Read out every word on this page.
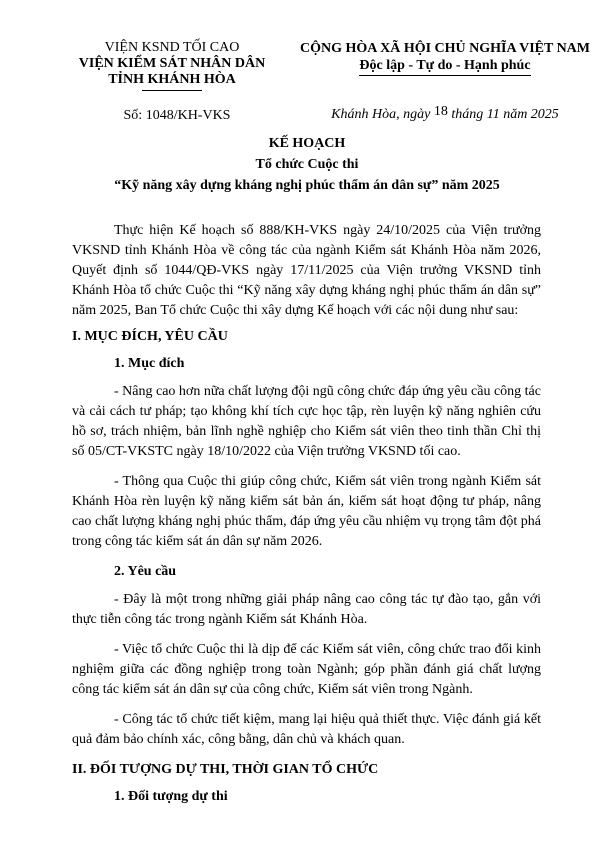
VIỆN KSND TỐI CAO
VIỆN KIỂM SÁT NHÂN DÂN
TỈNH KHÁNH HÒA
CỘNG HÒA XÃ HỘI CHỦ NGHĨA VIỆT NAM
Độc lập - Tự do - Hạnh phúc
Số: 1048/KH-VKS	Khánh Hòa, ngày 18 tháng 11 năm 2025
KẾ HOẠCH
Tổ chức Cuộc thi
“Kỹ năng xây dựng kháng nghị phúc thẩm án dân sự” năm 2025

Thực hiện Kế hoạch số 888/KH-VKS ngày 24/10/2025 của Viện trưởng VKSND tỉnh Khánh Hòa về công tác của ngành Kiểm sát Khánh Hòa năm 2026, Quyết định số 1044/QĐ-VKS ngày 17/11/2025 của Viện trưởng VKSND tỉnh Khánh Hòa tổ chức Cuộc thi “Kỹ năng xây dựng kháng nghị phúc thẩm án dân sự” năm 2025, Ban Tổ chức Cuộc thi xây dựng Kế hoạch với các nội dung như sau:

I. MỤC ĐÍCH, YÊU CẦU
1. Mục đích

- Nâng cao hơn nữa chất lượng đội ngũ công chức đáp ứng yêu cầu công tác và cải cách tư pháp; tạo không khí tích cực học tập, rèn luyện kỹ năng nghiên cứu hồ sơ, trách nhiệm, bản lĩnh nghề nghiệp cho Kiểm sát viên theo tinh thần Chỉ thị số 05/CT-VKSTC ngày 18/10/2022 của Viện trưởng VKSND tối cao.

- Thông qua Cuộc thi giúp công chức, Kiểm sát viên trong ngành Kiểm sát Khánh Hòa rèn luyện kỹ năng kiểm sát bản án, kiểm sát hoạt động tư pháp, nâng cao chất lượng kháng nghị phúc thẩm, đáp ứng yêu cầu nhiệm vụ trọng tâm đột phá trong công tác kiểm sát án dân sự năm 2026.

2. Yêu cầu

- Đây là một trong những giải pháp nâng cao công tác tự đào tạo, gắn với thực tiễn công tác trong ngành Kiểm sát Khánh Hòa.

- Việc tổ chức Cuộc thi là dịp để các Kiểm sát viên, công chức trao đổi kinh nghiệm giữa các đồng nghiệp trong toàn Ngành; góp phần đánh giá chất lượng công tác kiểm sát án dân sự của công chức, Kiểm sát viên trong Ngành.

- Công tác tổ chức tiết kiệm, mang lại hiệu quả thiết thực. Việc đánh giá kết quả đảm bảo chính xác, công bằng, dân chủ và khách quan.

II. ĐỐI TƯỢNG DỰ THI, THỜI GIAN TỔ CHỨC
1. Đối tượng dự thi
